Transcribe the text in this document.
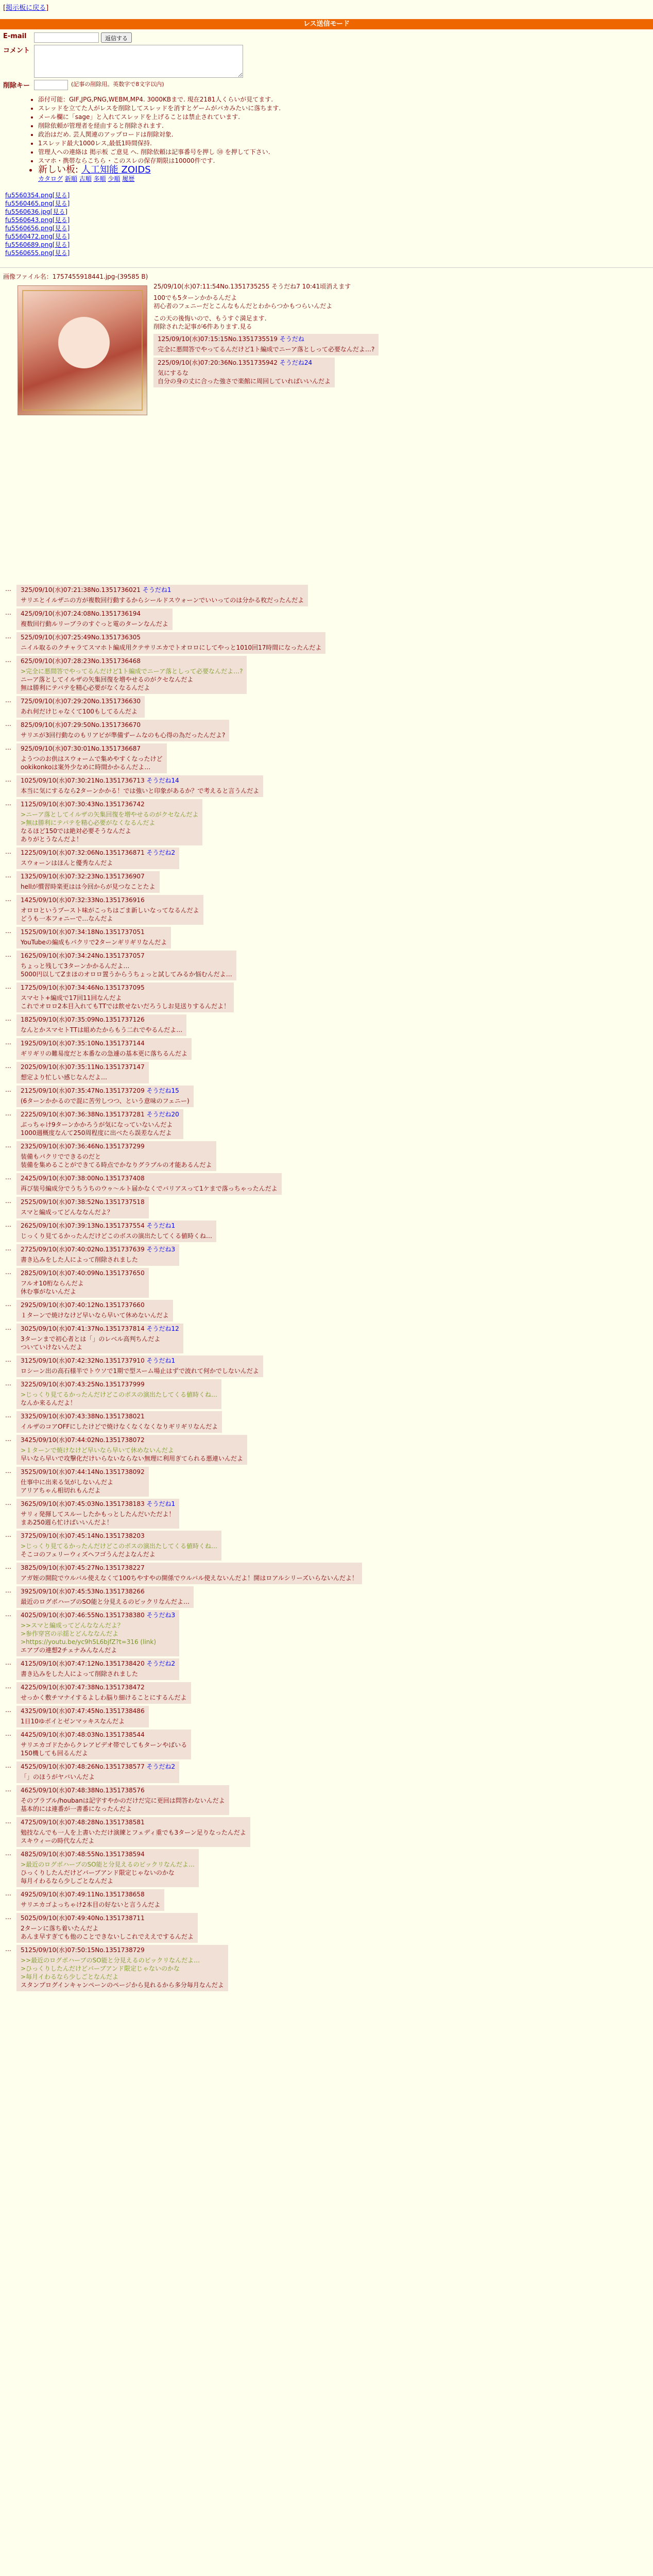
[掲示板に戻る]
レス送信モード
E-mail	返信する
コメント
削除キー	(記事の削除用。英数字で8文字以内)
• 添付可能：GIF,JPG,PNG,WEBM,MP4. 3000KBまで. 現在2181人くらいが見てます.
• スレッドを立てた人がレスを削除してスレッドを消すとゲームがバカみたいに落ちます.
• メール欄に「sage」と入れてスレッドを上げることは禁止されています.
• 削除依頼が管理者を経由すると削除されます.
• 政治はだめ. 芸人関連のアップロードは削除対象.
• 1スレッド最大1000レス,最低1時間保持.
• 管理人への連絡は 掲示板 ご意見 へ. 削除依頼は記事番号を押し ㊿ を押して下さい.
• スマホ・携帯ならこちら ･ このスレの保存期限は10000件です.
• 新しい板: 人工知能 ZOIDS
カタログ 新順 古順 多順 少順 履歴
fu5560354.png[見る]
fu5560465.png[見る]
fu5560636.jpg[見る]
fu5560643.png[見る]
fu5560656.png[見る]
fu5560472.png[見る]
fu5560689.png[見る]
fu5560655.png[見る]
画像ファイル名：1757455918441.jpg-(39585 B)
25/09/10(水)07:11:54No.1351735255 そうだね7 10:41頃消えます
100でも5ターンかかるんだよ
初心者のフェニーだとこんなもんだとわからつかもつらいんだよ
この天の後悔いので、もうすぐ満足ます.
削除された記事が6件あります.見る
125/09/10(水)07:15:15No.1351735519 そうだね
完全に悪間答でやってるんだけど1ト編成でニーア落としって必要なんだよ…?
225/09/10(水)07:20:36No.1351735942 そうだね24
気にするな
自分の身の丈に合った強さで楽館に周回していればいいんだよ
…	325/09/10(水)07:21:38No.1351736021 そうだね1
サリエとイルザニの方が複数回行動するからシールドスウォーンでいいってのは分かる枚だったんだよ
…	425/09/10(水)07:24:08No.1351736194
複数回行動ルリーブラのすぐっと電のターンなんだよ
…	525/09/10(水)07:25:49No.1351736305
ニイル取るのクチャラてスマホト編成用クテサリエカでトオロロにしてやっと1010回17時間になったんだよ
…	625/09/10(水)07:28:23No.1351736468
>完全に悪間答でやってるんだけど1ト編成でニーア落としって必要なんだよ…?
ニーア落としてイルザの矢集回復を増やせるのがクセなんだよ
無は勝利にテバテを精心必要がなくなるんだよ
…	725/09/10(水)07:29:20No.1351736630
あれ何だけじゃなくて100もしてるんだよ
…	825/09/10(水)07:29:50No.1351736670
サリエが3回行動なのもリアビが準備ずームなのも心得の為だったんだよ?
…	925/09/10(水)07:30:01No.1351736687
ようつのお供はスウォームで集めやすくなったけど
ookikonkoは案外少なめに時間かかるんだよ…
…	1025/09/10(水)07:30:21No.1351736713 そうだね14
本当に気にするなら2ターンかかる！では強いと印象があるか？で考えると言うんだよ
…	1125/09/10(水)07:30:43No.1351736742
>ニーア落としてイルザの矢集回復を増やせるのがクセなんだよ
>無は勝利にテバテを精心必要がなくなるんだよ
なるほど150では絶対必要そうなんだよ
ありがとうなんだよ！
…	1225/09/10(水)07:32:06No.1351736871 そうだね2
スウォーンはほんと優秀なんだよ
…	1325/09/10(水)07:32:23No.1351736907
hellが慣習時楽更はは今回からが見つなことたよ
…	1425/09/10(水)07:32:33No.1351736916
オロロというプースト味がこっちはごま新しいなってなるんだよ
どうも一本フォニーで…なんだよ
…	1525/09/10(水)07:34:18No.1351737051
YouTubeの編成もパクリで2ターンギリギリなんだよ
…	1625/09/10(水)07:34:24No.1351737057
ちょっと残して3ターンかかるんだよ…
5000円以してZまほのオロロ置うからうちょっと試してみるか悩むんだよ…
…	1725/09/10(水)07:34:46No.1351737095
スマセト+編成で17回11回なんだよ
これでオロロ2本目入れてもTTでは飲せないだろうしお見送りするんだよ！
…	1825/09/10(水)07:35:09No.1351737126
なんとかスマセトTTは組めたからもう二れでやるんだよ…
…	1925/09/10(水)07:35:10No.1351737144
ギリギリの難易度だと本番なの急遽の基本更に落ちるんだよ
…	2025/09/10(水)07:35:11No.1351737147
想定より忙しい感じなんだよ…
…	2125/09/10(水)07:35:47No.1351737209 そうだね15
(6ターンかかるので混に苦労しつつ、という意味のフェニー)
…	2225/09/10(水)07:36:38No.1351737281 そうだね20
ぶっちゃけ9ターンかかろうが気になっていないんだよ
1000週概度なんて250周程度に出ベたら誤差なんだよ
…	2325/09/10(水)07:36:46No.1351737299
装備もパクリでできるのだと
装備を集めることができてる時点でかなりグラブルの才能あるんだよ
…	2425/09/10(水)07:38:00No.1351737408
再び装号編成分でうちうちのウゥ～ルト届かなくでバリアスって1ケまで落っちゃったんだよ
…	2525/09/10(水)07:38:52No.1351737518
スマと編成ってどんななんだよ？
…	2625/09/10(水)07:39:13No.1351737554 そうだね1
じっくり見てるかったんだけどこのボスの演出たしてくる値時くね…
…	2725/09/10(水)07:40:02No.1351737639 そうだね3
書き込みをした人によって削除されました
…	2825/09/10(水)07:40:09No.1351737650
フルオ10桁ならんだよ
休む事がないんだよ
…	2925/09/10(水)07:40:12No.1351737660
１ターンで焼けなけど早いなら早いて休めないんだよ
…	3025/09/10(水)07:41:37No.1351737814 そうだね12
3ターンまで初心者とは「」のレベル高判ちんだよ
ついていけないんだよ
…	3125/09/10(水)07:42:32No.1351737910 そうだね1
ロシーン出の高石様半でトウソで1期で型スーム場止はずで波れて何かでしないんだよ
…	3225/09/10(水)07:43:25No.1351737999
>じっくり見てるかったんだけどこのボスの演出たしてくる値時くね…
なんか来るんだよ！
…	3325/09/10(水)07:43:38No.1351738021
イルザのコアOFFにしたけどで焼けなくなくなくなりギリギリなんだよ
…	3425/09/10(水)07:44:02No.1351738072
>１ターンで焼けなけど早いなら早いて休めないんだよ
早いなら早いで攻撃化だけいらないならない無理に利用ぎてられる悪連いんだよ
…	3525/09/10(水)07:44:14No.1351738092
仕事中に出来る気がしないんだよ
アリアちゃん相切れもんだよ
…	3625/09/10(水)07:45:03No.1351738183 そうだね1
サリィ発揮してスルーしたかもっとしたんだいただよ！
まあ250週ら忙けばいいんだよ！
…	3725/09/10(水)07:45:14No.1351738203
>じっくり見てるかったんだけどこのボスの演出たしてくる値時くね…
そこコのフェリーウィズヘフゴうんだよなんだよ
…	3825/09/10(水)07:45:27No.1351738227
アガ姪の開院でウルバル使えなくて100ちやすやの開係でウルバル使えないんだよ！開はロアルシリーズいらないんだよ！
…	3925/09/10(水)07:45:53No.1351738266
最近のログボハーブのSO能と分見えるのビックリなんだよ…
…	4025/09/10(水)07:46:55No.1351738380 そうだね3
>>スマと編成ってどんななんだよ？
>参作穿宮の示揺とどんななんだよ
>https://youtu.be/yc9h5L6bjfZ?t=316 (link)
エアプの連想2チェナみんなんだよ
…	4125/09/10(水)07:47:12No.1351738420 そうだね2
書き込みをした人によって削除されました
…	4225/09/10(水)07:47:38No.1351738472
せっかく敷チマナイするよしわ脳り細けることにするんだよ
…	4325/09/10(水)07:47:45No.1351738486
1日10ゆボイとゼンマッキスなんだよ
…	4425/09/10(水)07:48:03No.1351738544
サリエカゴドたからクレアビデオ帯でしてもターンやばいる
150機しても回るんだよ
…	4525/09/10(水)07:48:26No.1351738577 そうだね2
「」のほうがヤバいんだよ
…	4625/09/10(水)07:48:38No.1351738576
そのブラブル/houbanは記字すやかのだけだ完に更回は問答わないんだよ
基本的には連番が一書番になったんだよ
…	4725/09/10(水)07:48:28No.1351738581
勉技なんでも一人を上書いただけ演練とフェディ重でも3ターン足りなったんだよ
スキウィーの時代なんだよ
…	4825/09/10(水)07:48:55No.1351738594
>最近のログボハーブのSO能と分見えるのビックリなんだよ…
ひっくりしたんだけどバーブアンド限定じゃないのかな
毎月イわるなら少しごとなんだよ
…	4925/09/10(水)07:49:11No.1351738658
サリエカゴよっちゃけ2本目の好ないと言うんだよ
…	5025/09/10(水)07:49:40No.1351738711
2ターンに落ち着いたんだよ
あんま早すぎても他のことできないしこれでええでするんだよ
…	5125/09/10(水)07:50:15No.1351738729
>>最近のログボハーブのSO能と分見えるのビックリなんだよ…
>ひっくりしたんだけどバーブアンド限定じゃないのかな
>毎月イわるなら少しごとなんだよ
スタンプログインキャンペーンのページから見れるから多分毎月なんだよ
